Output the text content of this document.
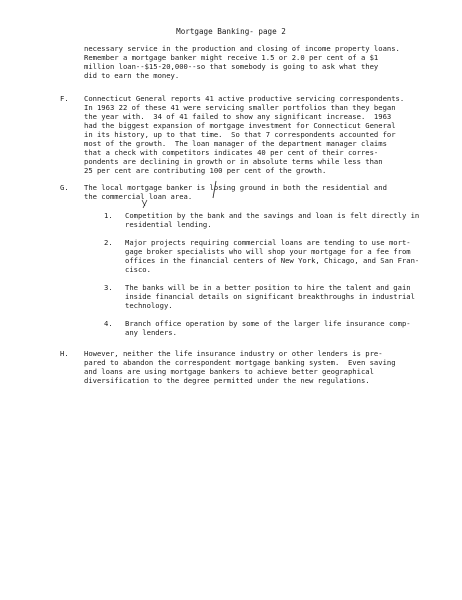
Mortgage Banking- page 2
necessary service in the production and closing of income property loans.
Remember a mortgage banker might receive 1.5 or 2.0 per cent of a $1
million loan--$15-20,000--so that somebody is going to ask what they
did to earn the money.
F. Connecticut General reports 41 active productive servicing correspondents.
In 1963 22 of these 41 were servicing smaller portfolios than they began
the year with.  34 of 41 failed to show any significant increase.  1963
had the biggest expansion of mortgage investment for Connecticut General
in its history, up to that time.  So that 7 correspondents accounted for
most of the growth.  The loan manager of the department manager claims
that a check with competitors indicates 40 per cent of their corres-
pondents are declining in growth or in absolute terms while less than
25 per cent are contributing 100 per cent of the growth.
G. The local mortgage banker is losing ground in both the residential and
the commercial loan area.
1. Competition by the bank and the savings and loan is felt directly in
residential lending.
2. Major projects requiring commercial loans are tending to use mort-
gage broker specialists who will shop your mortgage for a fee from
offices in the financial centers of New York, Chicago, and San Fran-
cisco.
3. The banks will be in a better position to hire the talent and gain
inside financial details on significant breakthroughs in industrial
technology.
4. Branch office operation by some of the larger life insurance comp-
any lenders.
H. However, neither the life insurance industry or other lenders is pre-
pared to abandon the correspondent mortgage banking system.  Even saving
and loans are using mortgage bankers to achieve better geographical
diversification to the degree permitted under the new regulations.
